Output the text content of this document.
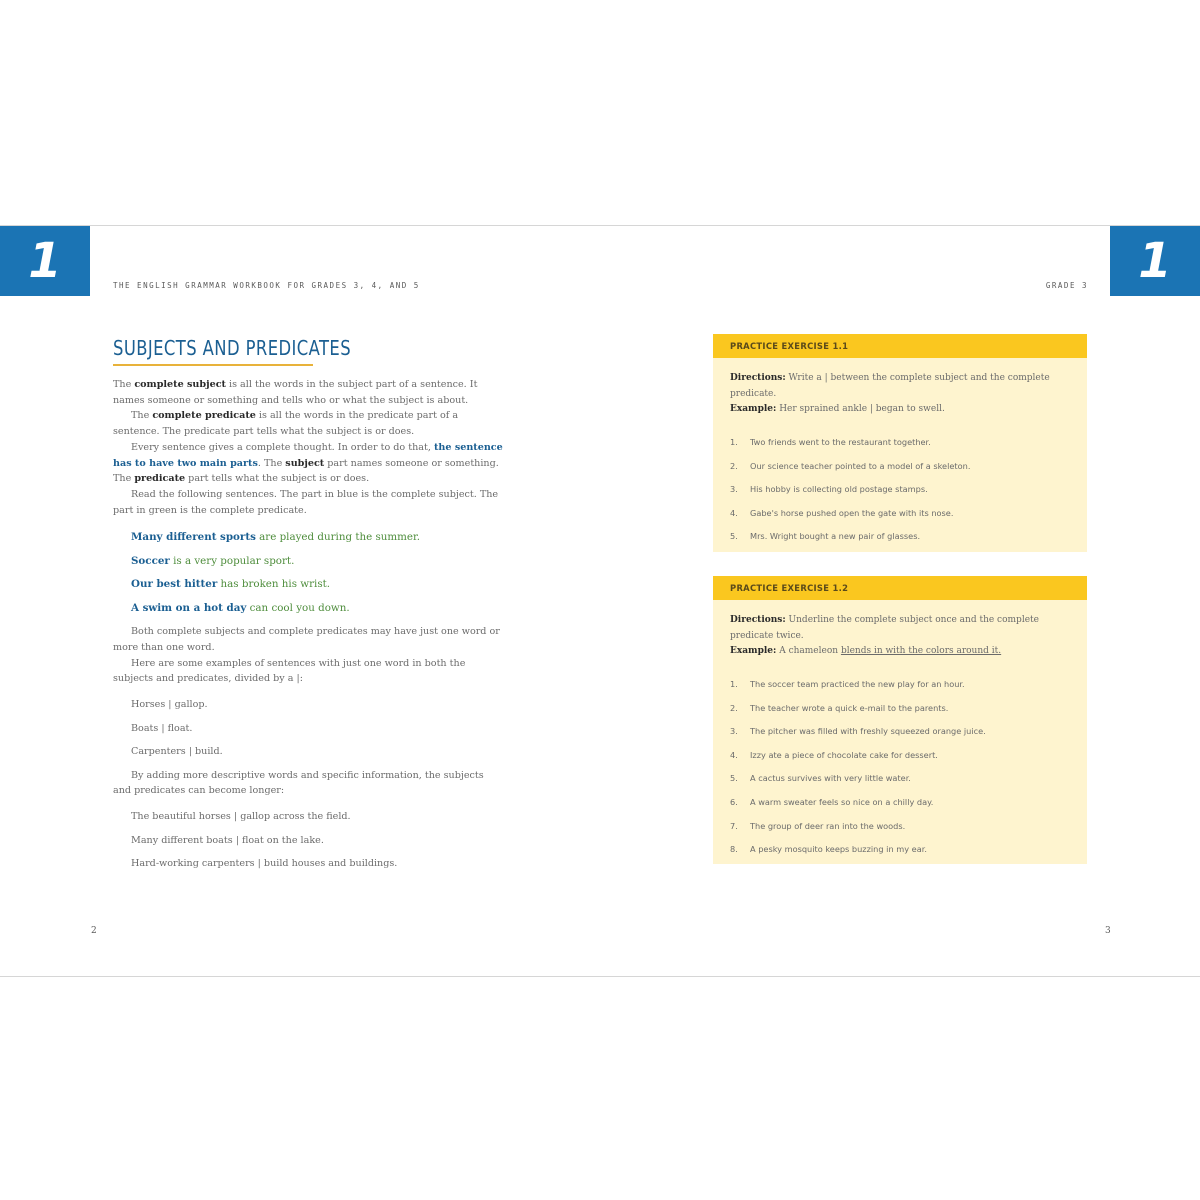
1	1
THE ENGLISH GRAMMAR WORKBOOK FOR GRADES 3, 4, AND 5	GRADE 3
SUBJECTS AND PREDICATES

The complete subject is all the words in the subject part of a sentence. It names someone or something and tells who or what the subject is about.

The complete predicate is all the words in the predicate part of a sentence. The predicate part tells what the subject is or does.

Every sentence gives a complete thought. In order to do that, the sentence has to have two main parts. The subject part names someone or something. The predicate part tells what the subject is or does.

Read the following sentences. The part in blue is the complete subject. The part in green is the complete predicate.

Many different sports are played during the summer.
Soccer is a very popular sport.
Our best hitter has broken his wrist.
A swim on a hot day can cool you down.

Both complete subjects and complete predicates may have just one word or more than one word.

Here are some examples of sentences with just one word in both the subjects and predicates, divided by a |:

Horses | gallop.
Boats | float.
Carpenters | build.

By adding more descriptive words and specific information, the subjects and predicates can become longer:

The beautiful horses | gallop across the field.
Many different boats | float on the lake.
Hard-working carpenters | build houses and buildings.
PRACTICE EXERCISE 1.1
Directions: Write a | between the complete subject and the complete predicate.
Example: Her sprained ankle | began to swell.
1.	Two friends went to the restaurant together.
2.	Our science teacher pointed to a model of a skeleton.
3.	His hobby is collecting old postage stamps.
4.	Gabe's horse pushed open the gate with its nose.
5.	Mrs. Wright bought a new pair of glasses.
PRACTICE EXERCISE 1.2
Directions: Underline the complete subject once and the complete predicate twice.
Example: A chameleon blends in with the colors around it.
1.	The soccer team practiced the new play for an hour.
2.	The teacher wrote a quick e-mail to the parents.
3.	The pitcher was filled with freshly squeezed orange juice.
4.	Izzy ate a piece of chocolate cake for dessert.
5.	A cactus survives with very little water.
6.	A warm sweater feels so nice on a chilly day.
7.	The group of deer ran into the woods.
8.	A pesky mosquito keeps buzzing in my ear.
2	3
